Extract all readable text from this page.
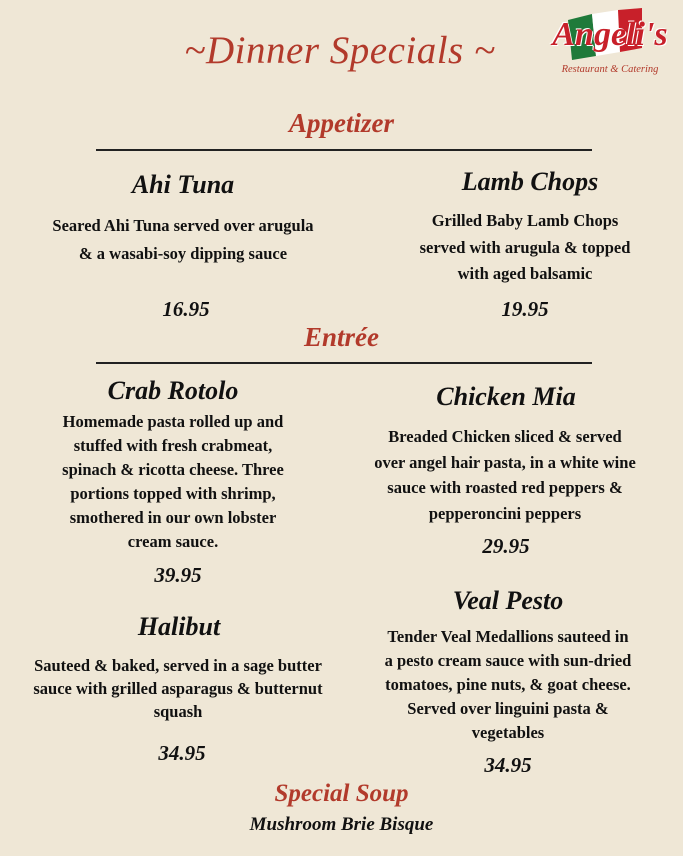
~Dinner Specials ~	Angeli's
Restaurant & Catering
Appetizer
Ahi Tuna
Seared Ahi Tuna served over arugula
& a wasabi-soy dipping sauce
16.95
Lamb Chops
Grilled Baby Lamb Chops
served with arugula & topped
with aged balsamic
19.95
Entrée
Crab Rotolo
Homemade pasta rolled up and
stuffed with fresh crabmeat,
spinach & ricotta cheese. Three
portions topped with shrimp,
smothered in our own lobster
cream sauce.
39.95
Chicken Mia
Breaded Chicken sliced & served
over angel hair pasta, in a white wine
sauce with roasted red peppers &
pepperoncini peppers
29.95
Halibut
Sauteed & baked, served in a sage butter
sauce with grilled asparagus & butternut
squash
34.95
Veal Pesto
Tender Veal Medallions sauteed in
a pesto cream sauce with sun-dried
tomatoes, pine nuts, & goat cheese.
Served over linguini pasta &
vegetables
34.95
Special Soup
Mushroom Brie Bisque
